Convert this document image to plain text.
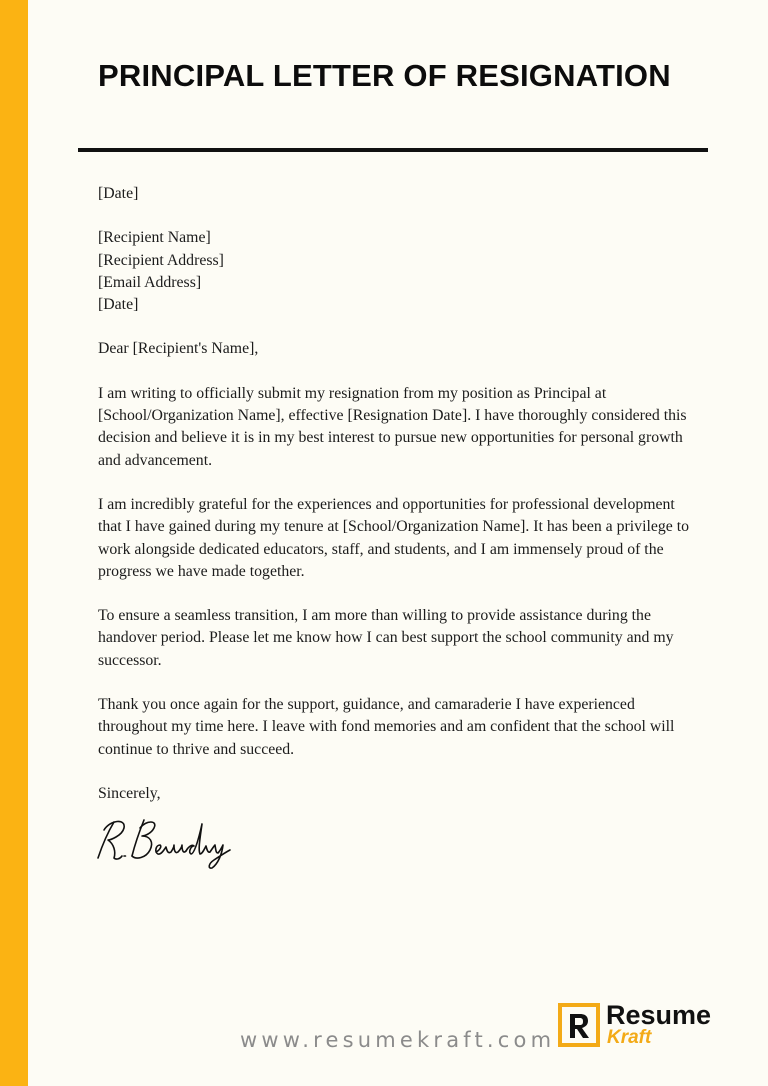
PRINCIPAL LETTER OF RESIGNATION

[Date]

[Recipient Name]
[Recipient Address]
[Email Address]
[Date]

Dear [Recipient's Name],

I am writing to officially submit my resignation from my position as Principal at [School/Organization Name], effective [Resignation Date]. I have thoroughly considered this decision and believe it is in my best interest to pursue new opportunities for personal growth and advancement.

I am incredibly grateful for the experiences and opportunities for professional development that I have gained during my tenure at [School/Organization Name]. It has been a privilege to work alongside dedicated educators, staff, and students, and I am immensely proud of the progress we have made together.

To ensure a seamless transition, I am more than willing to provide assistance during the handover period. Please let me know how I can best support the school community and my successor.

Thank you once again for the support, guidance, and camaraderie I have experienced throughout my time here. I leave with fond memories and am confident that the school will continue to thrive and succeed.

Sincerely,

www.resumekraft.com
Resume
Kraft
